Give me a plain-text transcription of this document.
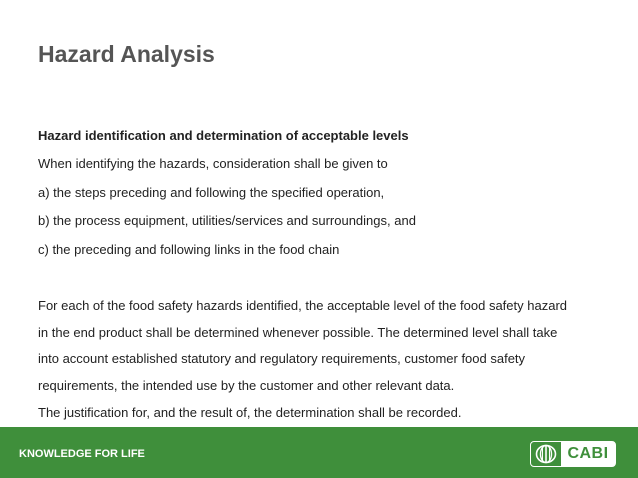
Hazard Analysis

Hazard identification and determination of acceptable levels

When identifying the hazards, consideration shall be given to

a) the steps preceding and following the specified operation,

b) the process equipment, utilities/services and surroundings, and

c) the preceding and following links in the food chain

For each of the food safety hazards identified, the acceptable level of the food safety hazard

in the end product shall be determined whenever possible. The determined level shall take

into account established statutory and regulatory requirements, customer food safety

requirements, the intended use by the customer and other relevant data.

The justification for, and the result of, the determination shall be recorded.

KNOWLEDGE FOR LIFE	CABI
